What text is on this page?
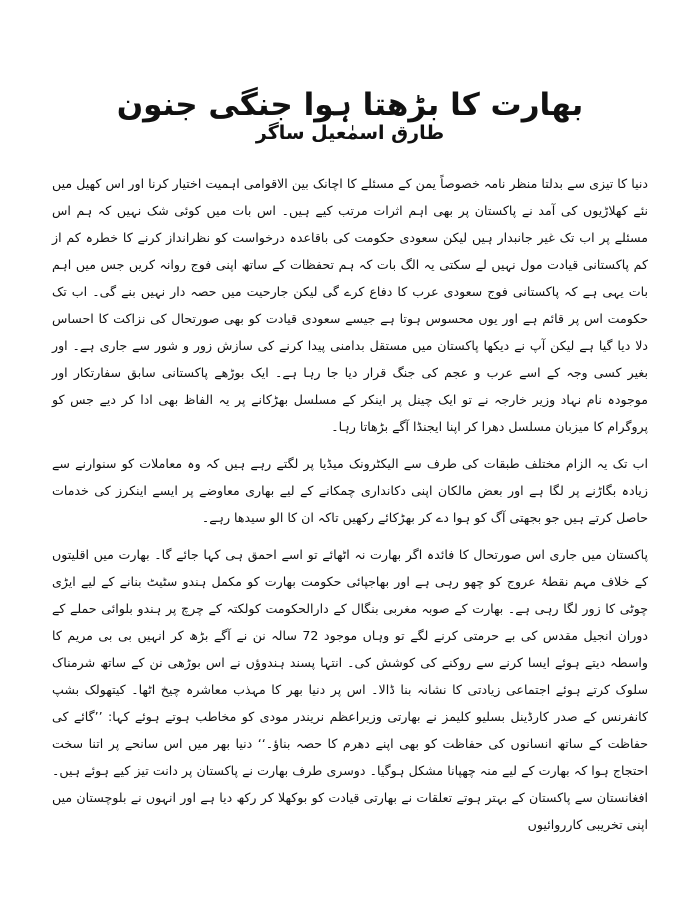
بھارت کا بڑھتا ہوا جنگی جنون
طارق اسمٰعیل ساگر

دنیا کا تیزی سے بدلتا منظر نامہ خصوصاً یمن کے مسئلے کا اچانک بین الاقوامی اہمیت اختیار کرنا اور اس کھیل میں نئے کھلاڑیوں کی آمد نے پاکستان پر بھی اہم اثرات مرتب کیے ہیں۔ اس بات میں کوئی شک نہیں کہ ہم اس مسئلے پر اب تک غیر جانبدار ہیں لیکن سعودی حکومت کی باقاعدہ درخواست کو نظرانداز کرنے کا خطرہ کم از کم پاکستانی قیادت مول نہیں لے سکتی یہ الگ بات کہ ہم تحفظات کے ساتھ اپنی فوج روانہ کریں جس میں اہم بات یہی ہے کہ پاکستانی فوج سعودی عرب کا دفاع کرے گی لیکن جارحیت میں حصہ دار نہیں بنے گی۔ اب تک حکومت اس پر قائم ہے اور یوں محسوس ہوتا ہے جیسے سعودی قیادت کو بھی صورتحال کی نزاکت کا احساس دلا دیا گیا ہے لیکن آپ نے دیکھا پاکستان میں مستقل بدامنی پیدا کرنے کی سازش زور و شور سے جاری ہے۔ اور بغیر کسی وجہ کے اسے عرب و عجم کی جنگ قرار دیا جا رہا ہے۔ ایک بوڑھے پاکستانی سابق سفارتکار اور موجودہ نام نہاد وزیر خارجہ نے تو ایک چینل پر اینکر کے مسلسل بھڑکانے پر یہ الفاظ بھی ادا کر دیے جس کو پروگرام کا میزبان مسلسل دھرا کر اپنا ایجنڈا آگے بڑھاتا رہا۔

اب تک یہ الزام مختلف طبقات کی طرف سے الیکٹرونک میڈیا پر لگتے رہے ہیں کہ وہ معاملات کو سنوارنے سے زیادہ بگاڑنے پر لگا ہے اور بعض مالکان اپنی دکانداری چمکانے کے لیے بھاری معاوضے پر ایسے اینکرز کی خدمات حاصل کرتے ہیں جو بجھتی آگ کو ہوا دے کر بھڑکائے رکھیں تاکہ ان کا الو سیدھا رہے۔

پاکستان میں جاری اس صورتحال کا فائدہ اگر بھارت نہ اٹھائے تو اسے احمق ہی کہا جائے گا۔ بھارت میں اقلیتوں کے خلاف مہم نقطۂ عروج کو چھو رہی ہے اور بھاجپائی حکومت بھارت کو مکمل ہندو سٹیٹ بنانے کے لیے ایڑی چوٹی کا زور لگا رہی ہے۔ بھارت کے صوبہ مغربی بنگال کے دارالحکومت کولکتہ کے چرچ پر ہندو بلوائی حملے کے دوران انجیل مقدس کی بے حرمتی کرنے لگے تو وہاں موجود 72 سالہ نن نے آگے بڑھ کر انہیں بی بی مریم کا واسطہ دیتے ہوئے ایسا کرنے سے روکنے کی کوشش کی۔ انتہا پسند ہندوؤں نے اس بوڑھی نن کے ساتھ شرمناک سلوک کرتے ہوئے اجتماعی زیادتی کا نشانہ بنا ڈالا۔ اس پر دنیا بھر کا مہذب معاشرہ چیخ اٹھا۔ کیتھولک بشپ کانفرنس کے صدر کارڈینل بسلیو کلیمز نے بھارتی وزیراعظم نریندر مودی کو مخاطب ہوتے ہوئے کہا: ’’گائے کی حفاظت کے ساتھ انسانوں کی حفاظت کو بھی اپنے دھرم کا حصہ بناؤ۔‘‘ دنیا بھر میں اس سانحے پر اتنا سخت احتجاج ہوا کہ بھارت کے لیے منہ چھپانا مشکل ہوگیا۔ دوسری طرف بھارت نے پاکستان پر دانت تیز کیے ہوئے ہیں۔ افغانستان سے پاکستان کے بہتر ہوتے تعلقات نے بھارتی قیادت کو بوکھلا کر رکھ دیا ہے اور انہوں نے بلوچستان میں اپنی تخریبی کارروائیوں
